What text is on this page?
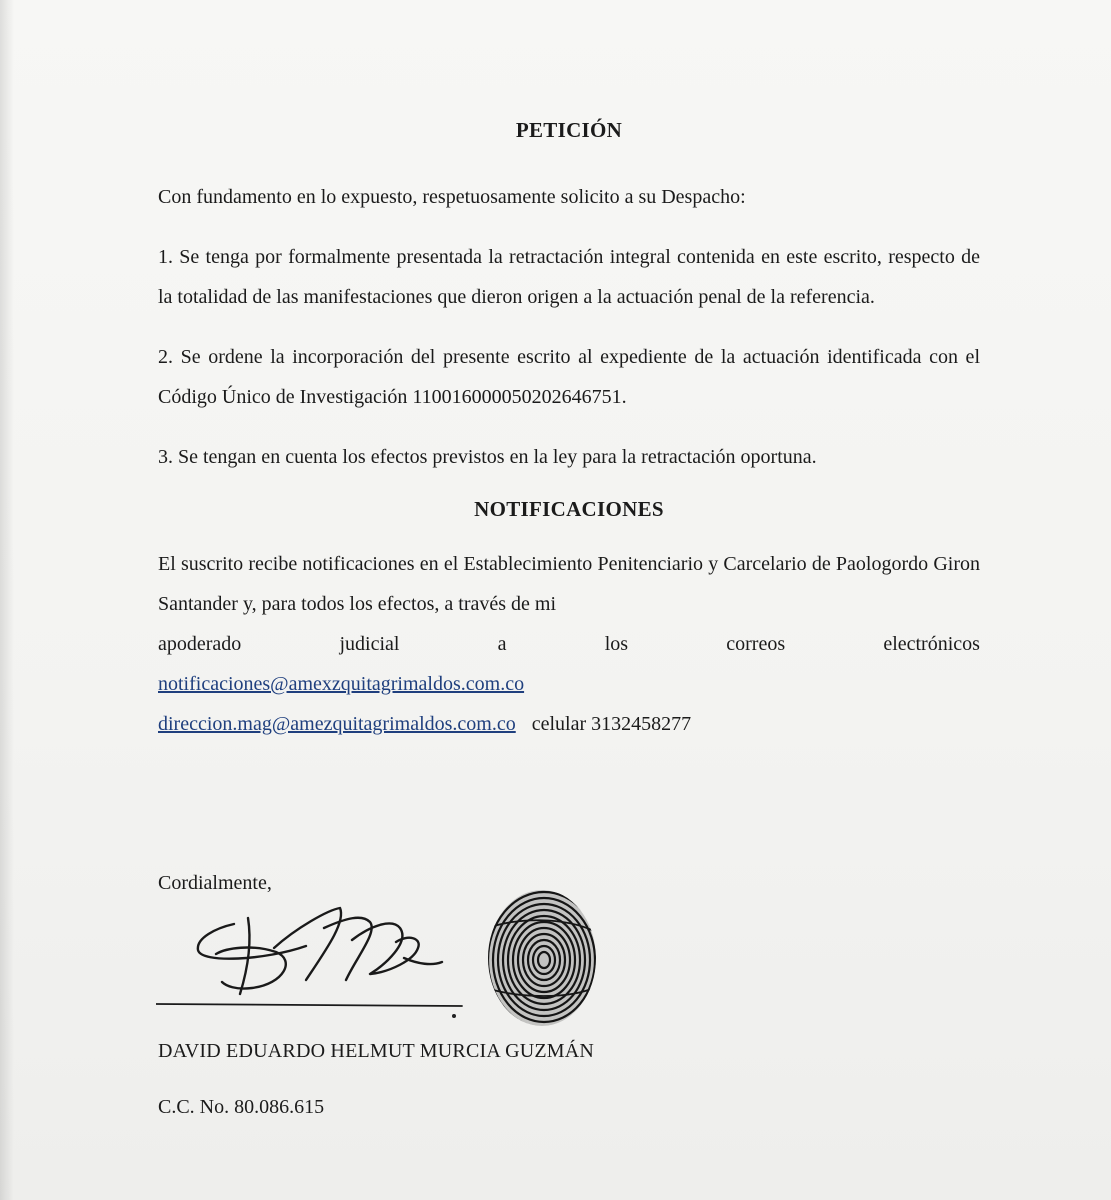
PETICIÓN

Con fundamento en lo expuesto, respetuosamente solicito a su Despacho:

1. Se tenga por formalmente presentada la retractación integral contenida en este escrito, respecto de la totalidad de las manifestaciones que dieron origen a la actuación penal de la referencia.

2. Se ordene la incorporación del presente escrito al expediente de la actuación identificada con el Código Único de Investigación 110016000050202646751.

3. Se tengan en cuenta los efectos previstos en la ley para la retractación oportuna.

NOTIFICACIONES

El suscrito recibe notificaciones en el Establecimiento Penitenciario y Carcelario de Paologordo Giron Santander y, para todos los efectos, a través de mi

apoderado	judicial	a	los	correos	electrónicos
notificaciones@amexzquitagrimaldos.com.co
direccion.mag@amezquitagrimaldos.com.co celular 3132458277
Cordialmente,
DAVID EDUARDO HELMUT MURCIA GUZMÁN
C.C. No. 80.086.615
